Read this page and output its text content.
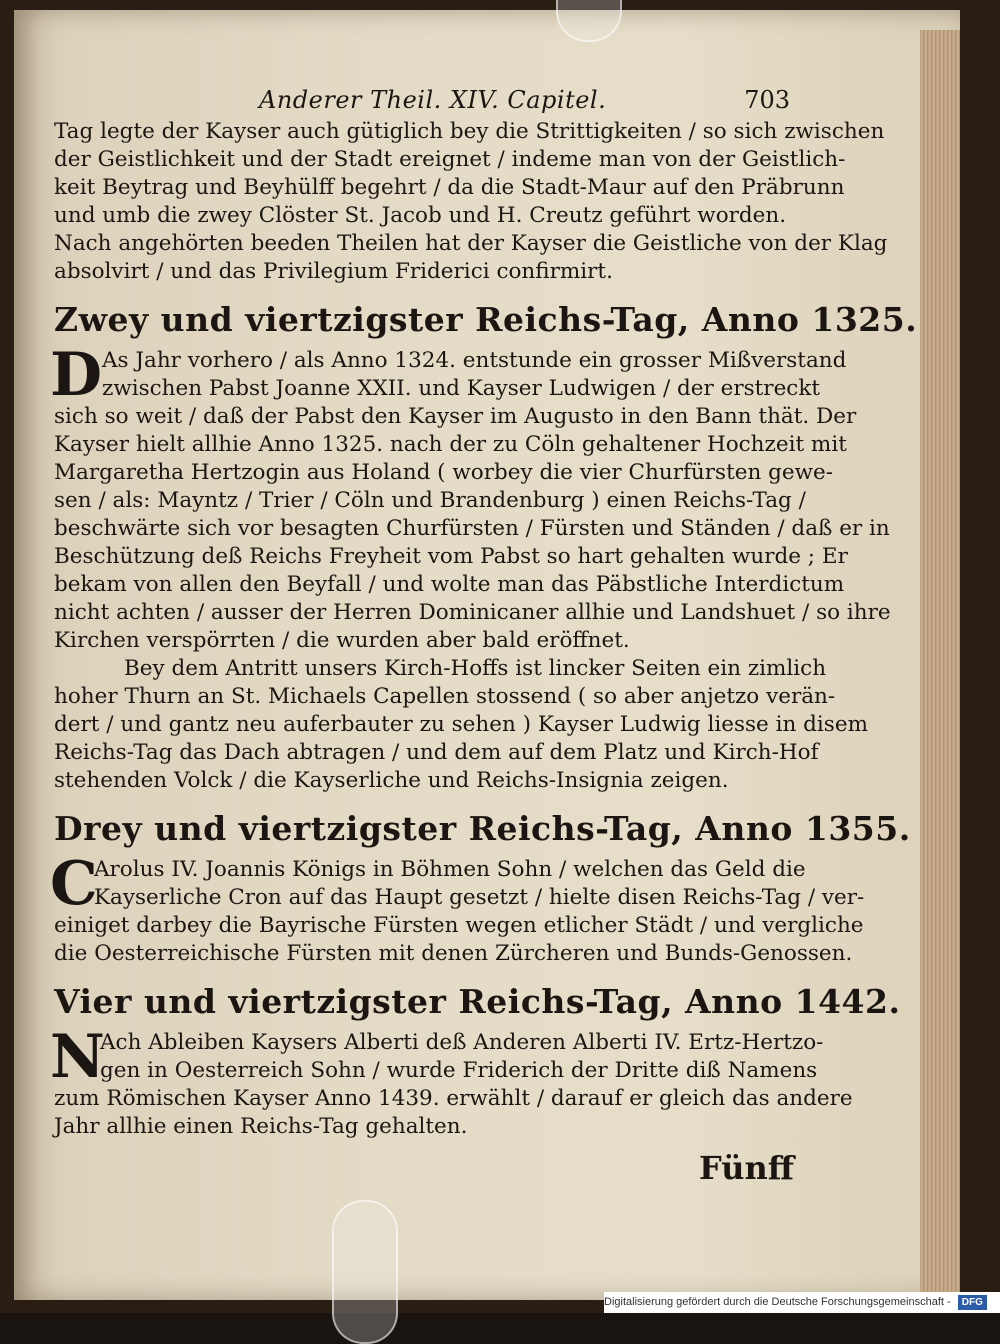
Anderer Theil. XIV. Capitel.	703

Tag legte der Kayser auch gütiglich bey die Strittigkeiten / so sich zwischen
der Geistlichkeit und der Stadt ereignet / indeme man von der Geistlich-
keit Beytrag und Beyhülff begehrt / da die Stadt-Maur auf den Präbrunn
und umb die zwey Clöster St. Jacob und H. Creutz geführt worden.
Nach angehörten beeden Theilen hat der Kayser die Geistliche von der Klag
absolvirt / und das Privilegium Friderici confirmirt.

Zwey und viertzigster Reichs-Tag, Anno 1325.
D As Jahr vorhero / als Anno 1324. entstunde ein grosser Mißverstand
zwischen Pabst Joanne XXII. und Kayser Ludwigen / der erstreckt
sich so weit / daß der Pabst den Kayser im Augusto in den Bann thät. Der
Kayser hielt allhie Anno 1325. nach der zu Cöln gehaltener Hochzeit mit
Margaretha Hertzogin aus Holand ( worbey die vier Churfürsten gewe-
sen / als: Mayntz / Trier / Cöln und Brandenburg ) einen Reichs-Tag /
beschwärte sich vor besagten Churfürsten / Fürsten und Ständen / daß er in
Beschützung deß Reichs Freyheit vom Pabst so hart gehalten wurde ; Er
bekam von allen den Beyfall / und wolte man das Päbstliche Interdictum
nicht achten / ausser der Herren Dominicaner allhie und Landshuet / so ihre
Kirchen verspörrten / die wurden aber bald eröffnet.

Bey dem Antritt unsers Kirch-Hoffs ist lincker Seiten ein zimlich
hoher Thurn an St. Michaels Capellen stossend ( so aber anjetzo verän-
dert / und gantz neu auferbauter zu sehen ) Kayser Ludwig liesse in disem
Reichs-Tag das Dach abtragen / und dem auf dem Platz und Kirch-Hof
stehenden Volck / die Kayserliche und Reichs-Insignia zeigen.

Drey und viertzigster Reichs-Tag, Anno 1355.
C

Arolus IV. Joannis Königs in Böhmen Sohn / welchen das Geld die
Kayserliche Cron auf das Haupt gesetzt / hielte disen Reichs-Tag / ver-
einiget darbey die Bayrische Fürsten wegen etlicher Städt / und vergliche
die Oesterreichische Fürsten mit denen Zürcheren und Bunds-Genossen.

Vier und viertzigster Reichs-Tag, Anno 1442.
N

Ach Ableiben Kaysers Alberti deß Anderen Alberti IV. Ertz-Hertzo-
gen in Oesterreich Sohn / wurde Friderich der Dritte diß Namens
zum Römischen Kayser Anno 1439. erwählt / darauf er gleich das andere
Jahr allhie einen Reichs-Tag gehalten.

Fünff
Digitalisierung gefördert durch die Deutsche Forschungsgemeinschaft - DFG
